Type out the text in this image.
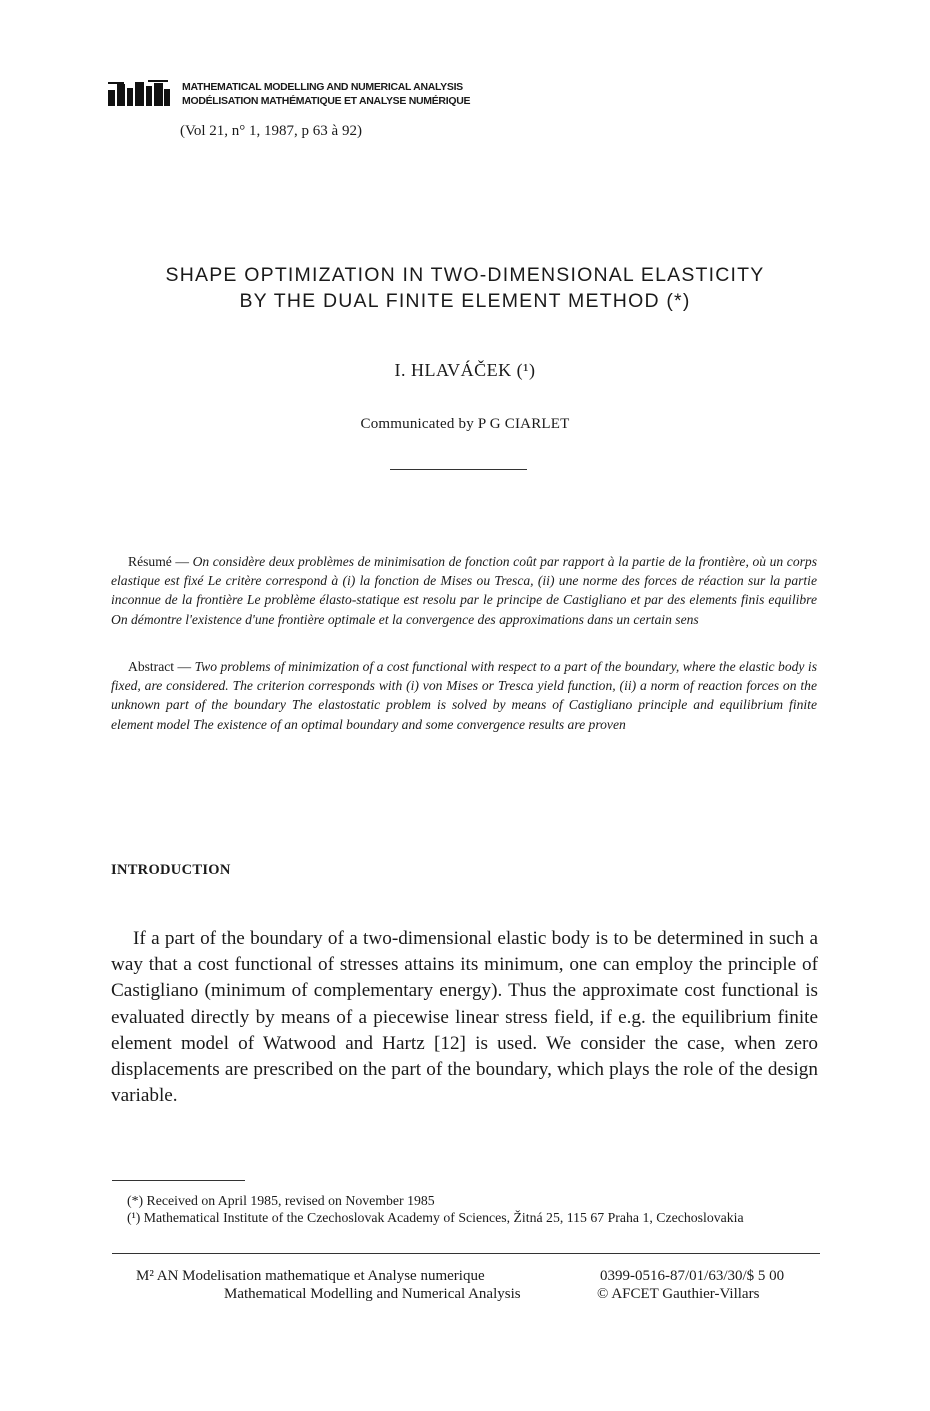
MATHEMATICAL MODELLING AND NUMERICAL ANALYSIS
MODÉLISATION MATHÉMATIQUE ET ANALYSE NUMÉRIQUE
(Vol 21, n° 1, 1987, p 63 à 92)
SHAPE OPTIMIZATION IN TWO-DIMENSIONAL ELASTICITY
BY THE DUAL FINITE ELEMENT METHOD (*)
I. HLAVÁČEK (¹)
Communicated by P G CIARLET

Résumé — On considère deux problèmes de minimisation de fonction coût par rapport à la partie de la frontière, où un corps elastique est fixé Le critère correspond à (i) la fonction de Mises ou Tresca, (ii) une norme des forces de réaction sur la partie inconnue de la frontière Le problème élasto-statique est resolu par le principe de Castigliano et par des elements finis equilibre On démontre l'existence d'une frontière optimale et la convergence des approximations dans un certain sens

Abstract — Two problems of minimization of a cost functional with respect to a part of the boundary, where the elastic body is fixed, are considered. The criterion corresponds with (i) von Mises or Tresca yield function, (ii) a norm of reaction forces on the unknown part of the boundary The elastostatic problem is solved by means of Castigliano principle and equilibrium finite element model The existence of an optimal boundary and some convergence results are proven

INTRODUCTION

If a part of the boundary of a two-dimensional elastic body is to be determined in such a way that a cost functional of stresses attains its minimum, one can employ the principle of Castigliano (minimum of complementary energy). Thus the approximate cost functional is evaluated directly by means of a piecewise linear stress field, if e.g. the equilibrium finite element model of Watwood and Hartz [12] is used. We consider the case, when zero displacements are prescribed on the part of the boundary, which plays the role of the design variable.

(*) Received on April 1985, revised on November 1985

(¹) Mathematical Institute of the Czechoslovak Academy of Sciences, Žitná 25, 115 67 Praha 1, Czechoslovakia

M² AN Modelisation mathematique et Analyse numerique	0399-0516-87/01/63/30/$ 5 00
Mathematical Modelling and Numerical Analysis	© AFCET Gauthier-Villars
